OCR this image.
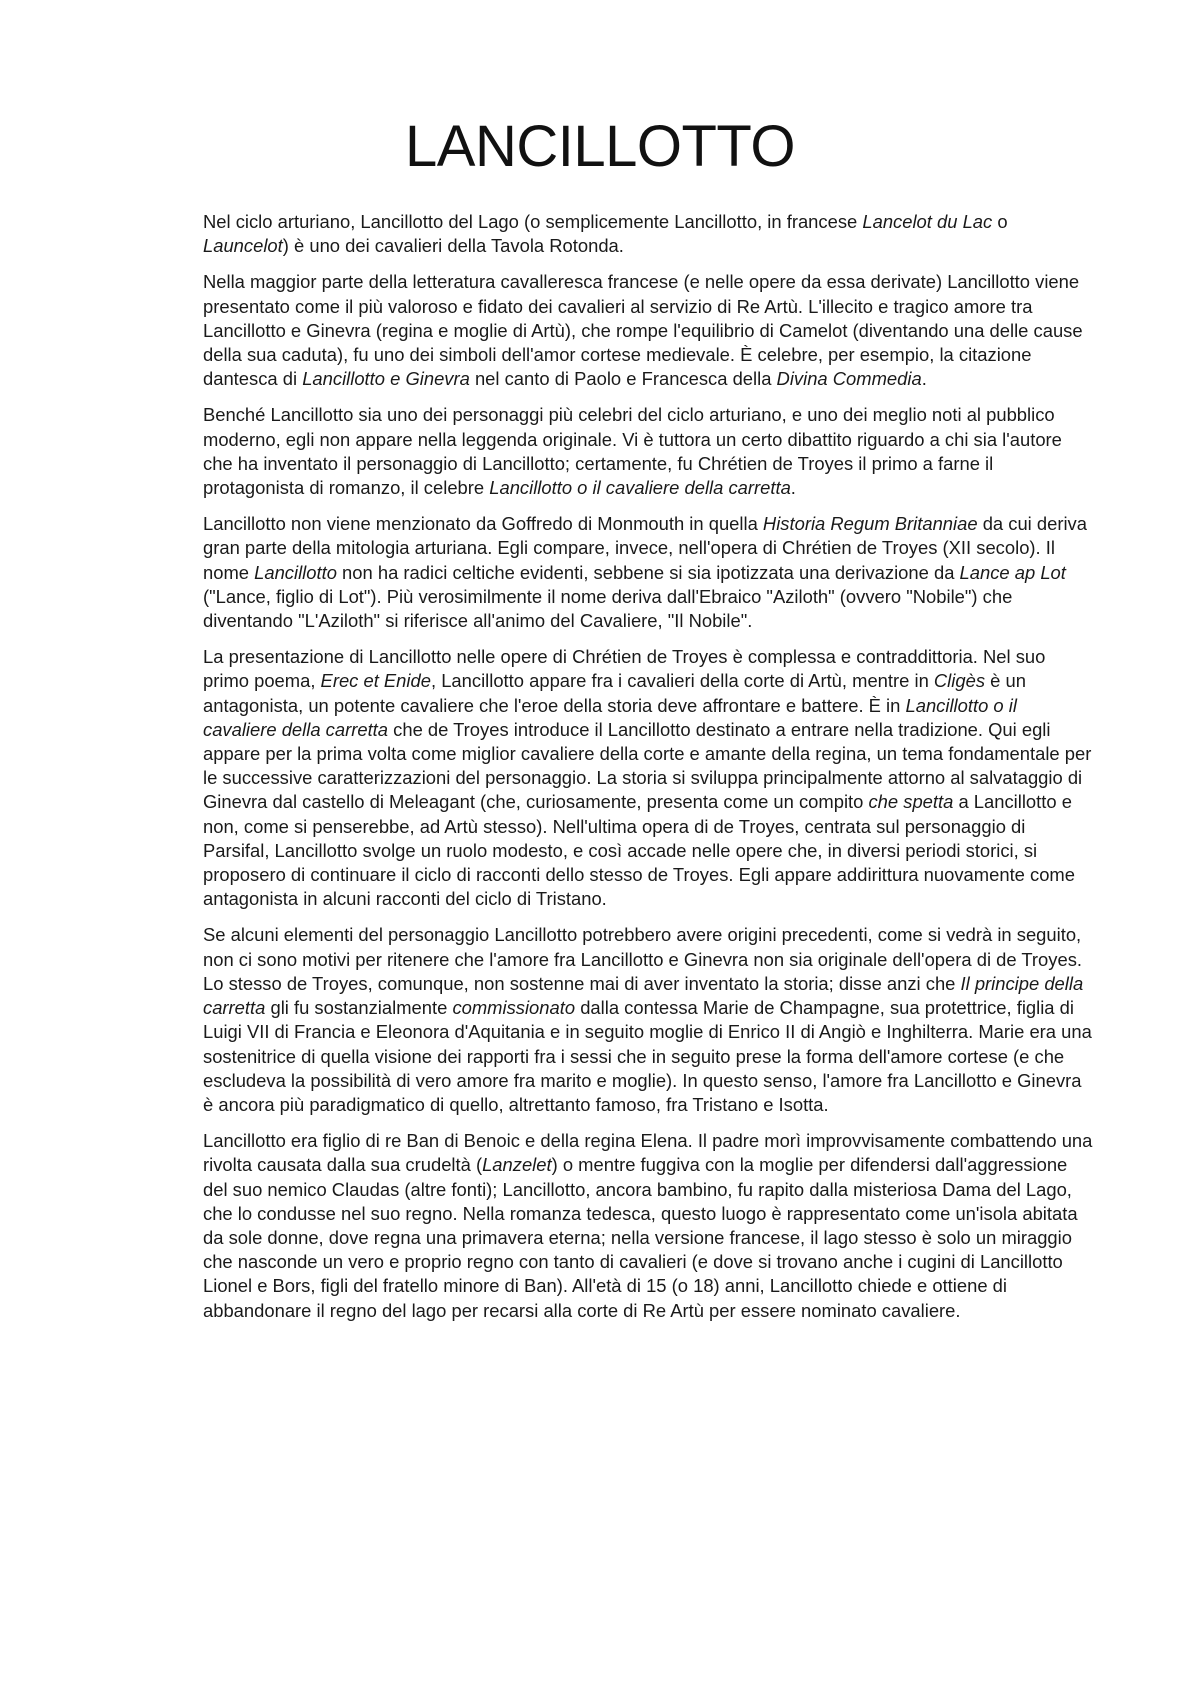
LANCILLOTTO

Nel ciclo arturiano, Lancillotto del Lago (o semplicemente Lancillotto, in francese Lancelot du Lac o Launcelot) è uno dei cavalieri della Tavola Rotonda.

Nella maggior parte della letteratura cavalleresca francese (e nelle opere da essa derivate) Lancillotto viene presentato come il più valoroso e fidato dei cavalieri al servizio di Re Artù. L'illecito e tragico amore tra Lancillotto e Ginevra (regina e moglie di Artù), che rompe l'equilibrio di Camelot (diventando una delle cause della sua caduta), fu uno dei simboli dell'amor cortese medievale. È celebre, per esempio, la citazione dantesca di Lancillotto e Ginevra nel canto di Paolo e Francesca della Divina Commedia.

Benché Lancillotto sia uno dei personaggi più celebri del ciclo arturiano, e uno dei meglio noti al pubblico moderno, egli non appare nella leggenda originale. Vi è tuttora un certo dibattito riguardo a chi sia l'autore che ha inventato il personaggio di Lancillotto; certamente, fu Chrétien de Troyes il primo a farne il protagonista di romanzo, il celebre Lancillotto o il cavaliere della carretta.

Lancillotto non viene menzionato da Goffredo di Monmouth in quella Historia Regum Britanniae da cui deriva gran parte della mitologia arturiana. Egli compare, invece, nell'opera di Chrétien de Troyes (XII secolo). Il nome Lancillotto non ha radici celtiche evidenti, sebbene si sia ipotizzata una derivazione da Lance ap Lot ("Lance, figlio di Lot"). Più verosimilmente il nome deriva dall'Ebraico "Aziloth" (ovvero "Nobile") che diventando "L'Aziloth" si riferisce all'animo del Cavaliere, "Il Nobile".

La presentazione di Lancillotto nelle opere di Chrétien de Troyes è complessa e contraddittoria. Nel suo primo poema, Erec et Enide, Lancillotto appare fra i cavalieri della corte di Artù, mentre in Cligès è un antagonista, un potente cavaliere che l'eroe della storia deve affrontare e battere. È in Lancillotto o il cavaliere della carretta che de Troyes introduce il Lancillotto destinato a entrare nella tradizione. Qui egli appare per la prima volta come miglior cavaliere della corte e amante della regina, un tema fondamentale per le successive caratterizzazioni del personaggio. La storia si sviluppa principalmente attorno al salvataggio di Ginevra dal castello di Meleagant (che, curiosamente, presenta come un compito che spetta a Lancillotto e non, come si penserebbe, ad Artù stesso). Nell'ultima opera di de Troyes, centrata sul personaggio di Parsifal, Lancillotto svolge un ruolo modesto, e così accade nelle opere che, in diversi periodi storici, si proposero di continuare il ciclo di racconti dello stesso de Troyes. Egli appare addirittura nuovamente come antagonista in alcuni racconti del ciclo di Tristano.

Se alcuni elementi del personaggio Lancillotto potrebbero avere origini precedenti, come si vedrà in seguito, non ci sono motivi per ritenere che l'amore fra Lancillotto e Ginevra non sia originale dell'opera di de Troyes. Lo stesso de Troyes, comunque, non sostenne mai di aver inventato la storia; disse anzi che Il principe della carretta gli fu sostanzialmente commissionato dalla contessa Marie de Champagne, sua protettrice, figlia di Luigi VII di Francia e Eleonora d'Aquitania e in seguito moglie di Enrico II di Angiò e Inghilterra. Marie era una sostenitrice di quella visione dei rapporti fra i sessi che in seguito prese la forma dell'amore cortese (e che escludeva la possibilità di vero amore fra marito e moglie). In questo senso, l'amore fra Lancillotto e Ginevra è ancora più paradigmatico di quello, altrettanto famoso, fra Tristano e Isotta.

Lancillotto era figlio di re Ban di Benoic e della regina Elena. Il padre morì improvvisamente combattendo una rivolta causata dalla sua crudeltà (Lanzelet) o mentre fuggiva con la moglie per difendersi dall'aggressione del suo nemico Claudas (altre fonti); Lancillotto, ancora bambino, fu rapito dalla misteriosa Dama del Lago, che lo condusse nel suo regno. Nella romanza tedesca, questo luogo è rappresentato come un'isola abitata da sole donne, dove regna una primavera eterna; nella versione francese, il lago stesso è solo un miraggio che nasconde un vero e proprio regno con tanto di cavalieri (e dove si trovano anche i cugini di Lancillotto Lionel e Bors, figli del fratello minore di Ban). All'età di 15 (o 18) anni, Lancillotto chiede e ottiene di abbandonare il regno del lago per recarsi alla corte di Re Artù per essere nominato cavaliere.
